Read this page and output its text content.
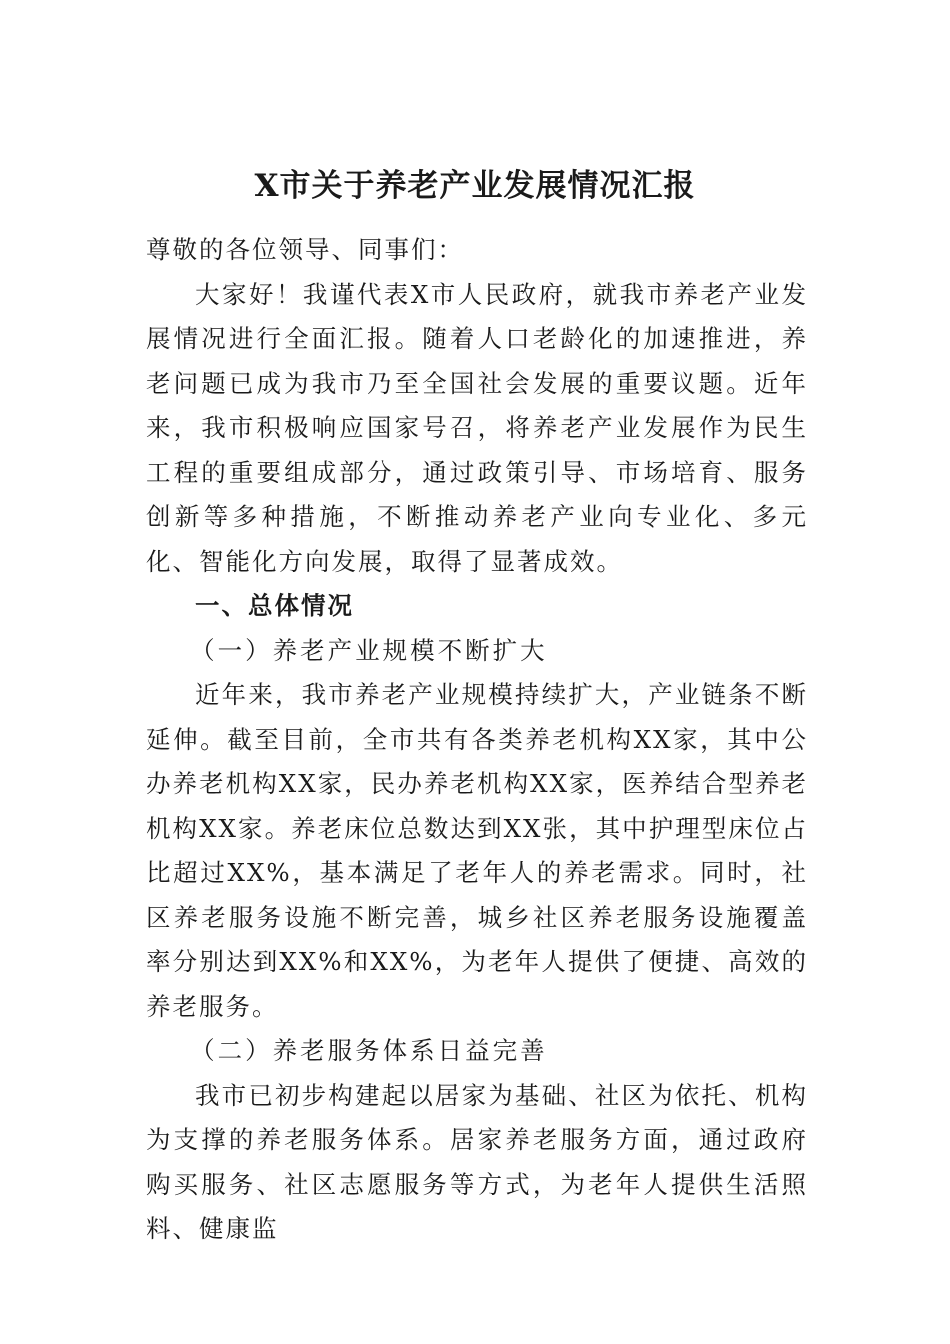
X市关于养老产业发展情况汇报

尊敬的各位领导、同事们：

大家好！我谨代表X市人民政府，就我市养老产业发展情况进行全面汇报。随着人口老龄化的加速推进，养老问题已成为我市乃至全国社会发展的重要议题。近年来，我市积极响应国家号召，将养老产业发展作为民生工程的重要组成部分，通过政策引导、市场培育、服务创新等多种措施，不断推动养老产业向专业化、多元化、智能化方向发展，取得了显著成效。

一、总体情况

（一）养老产业规模不断扩大

近年来，我市养老产业规模持续扩大，产业链条不断延伸。截至目前，全市共有各类养老机构XX家，其中公办养老机构XX家，民办养老机构XX家，医养结合型养老机构XX家。养老床位总数达到XX张，其中护理型床位占比超过XX%，基本满足了老年人的养老需求。同时，社区养老服务设施不断完善，城乡社区养老服务设施覆盖率分别达到XX%和XX%，为老年人提供了便捷、高效的养老服务。

（二）养老服务体系日益完善

我市已初步构建起以居家为基础、社区为依托、机构为支撑的养老服务体系。居家养老服务方面，通过政府购买服务、社区志愿服务等方式，为老年人提供生活照料、健康监
